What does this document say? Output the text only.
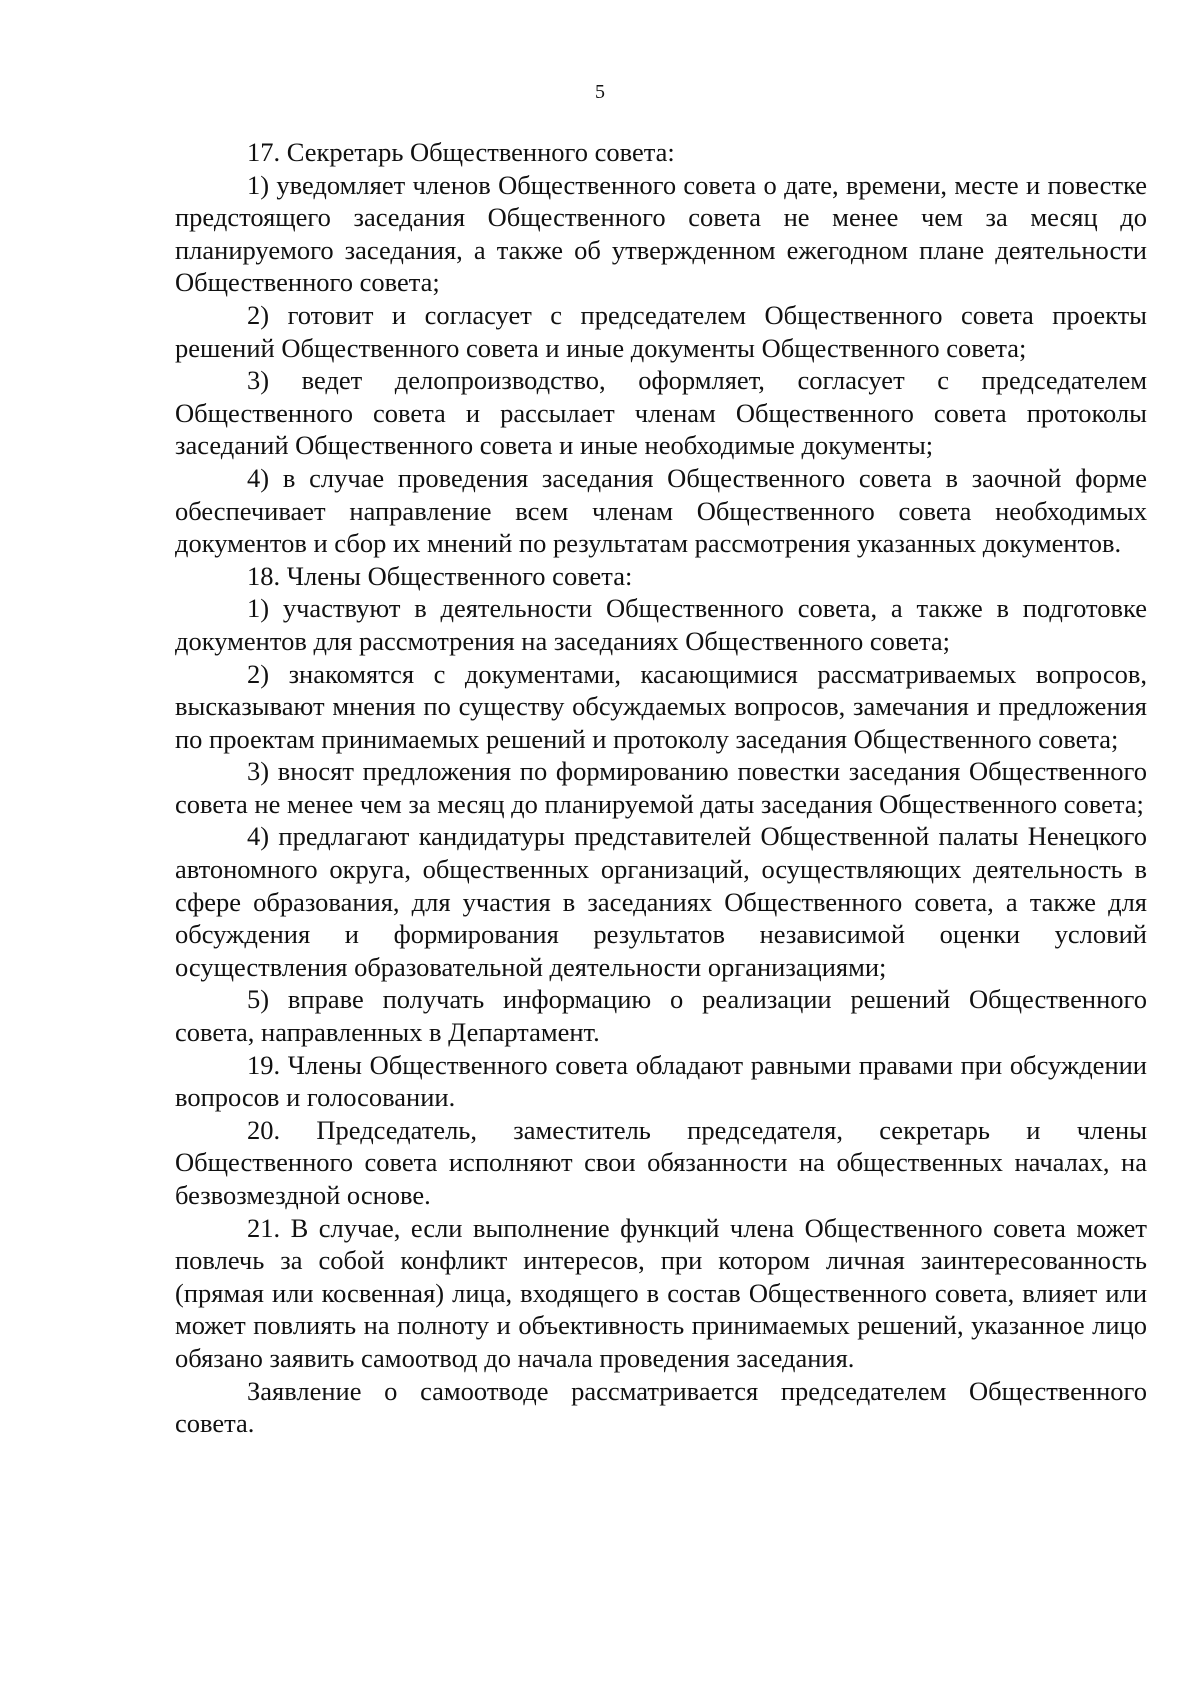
5

17. Секретарь Общественного совета:

1) уведомляет членов Общественного совета о дате, времени, месте и повестке предстоящего заседания Общественного совета не менее чем за месяц до планируемого заседания, а также об утвержденном ежегодном плане деятельности Общественного совета;

2) готовит и согласует с председателем Общественного совета проекты решений Общественного совета и иные документы Общественного совета;

3) ведет делопроизводство, оформляет, согласует с председателем Общественного совета и рассылает членам Общественного совета протоколы заседаний Общественного совета и иные необходимые документы;

4) в случае проведения заседания Общественного совета в заочной форме обеспечивает направление всем членам Общественного совета необходимых документов и сбор их мнений по результатам рассмотрения указанных документов.

18. Члены Общественного совета:

1) участвуют в деятельности Общественного совета, а также в подготовке документов для рассмотрения на заседаниях Общественного совета;

2) знакомятся с документами, касающимися рассматриваемых вопросов, высказывают мнения по существу обсуждаемых вопросов, замечания и предложения по проектам принимаемых решений и протоколу заседания Общественного совета;

3) вносят предложения по формированию повестки заседания Общественного совета не менее чем за месяц до планируемой даты заседания Общественного совета;

4) предлагают кандидатуры представителей Общественной палаты Ненецкого автономного округа, общественных организаций, осуществляющих деятельность в сфере образования, для участия в заседаниях Общественного совета, а также для обсуждения и формирования результатов независимой оценки условий осуществления образовательной деятельности организациями;

5) вправе получать информацию о реализации решений Общественного совета, направленных в Департамент.

19. Члены Общественного совета обладают равными правами при обсуждении вопросов и голосовании.

20. Председатель, заместитель председателя, секретарь и члены Общественного совета исполняют свои обязанности на общественных началах, на безвозмездной основе.

21. В случае, если выполнение функций члена Общественного совета может повлечь за собой конфликт интересов, при котором личная заинтересованность (прямая или косвенная) лица, входящего в состав Общественного совета, влияет или может повлиять на полноту и объективность принимаемых решений, указанное лицо обязано заявить самоотвод до начала проведения заседания.

Заявление о самоотводе рассматривается председателем Общественного совета.
